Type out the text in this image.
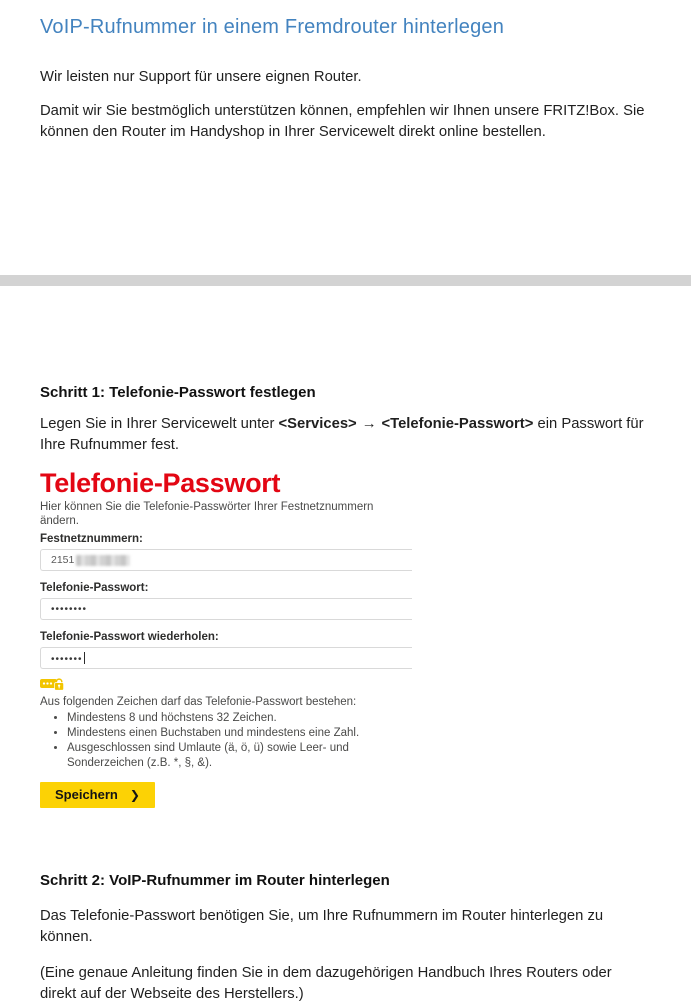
VoIP-Rufnummer in einem Fremdrouter hinterlegen

Wir leisten nur Support für unsere eignen Router.

Damit wir Sie bestmöglich unterstützen können, empfehlen wir Ihnen unsere FRITZ!Box. Sie können den Router im Handyshop in Ihrer Servicewelt direkt online bestellen.

Schritt 1: Telefonie-Passwort festlegen

Legen Sie in Ihrer Servicewelt unter <Services> → <Telefonie-Passwort> ein Passwort für Ihre Rufnummer fest.

Telefonie-Passwort
Hier können Sie die Telefonie-Passwörter Ihrer Festnetznummern ändern.
Festnetznummern:
2151
Telefonie-Passwort:
••••••••
Telefonie-Passwort wiederholen:
•••••••
Aus folgenden Zeichen darf das Telefonie-Passwort bestehen:
• Mindestens 8 und höchstens 32 Zeichen.
• Mindestens einen Buchstaben und mindestens eine Zahl.
• Ausgeschlossen sind Umlaute (ä, ö, ü) sowie Leer- und Sonderzeichen (z.B. *, §, &).
Speichern ❯
Schritt 2: VoIP-Rufnummer im Router hinterlegen

Das Telefonie-Passwort benötigen Sie, um Ihre Rufnummern im Router hinterlegen zu können.

(Eine genaue Anleitung finden Sie in dem dazugehörigen Handbuch Ihres Routers oder direkt auf der Webseite des Herstellers.)
